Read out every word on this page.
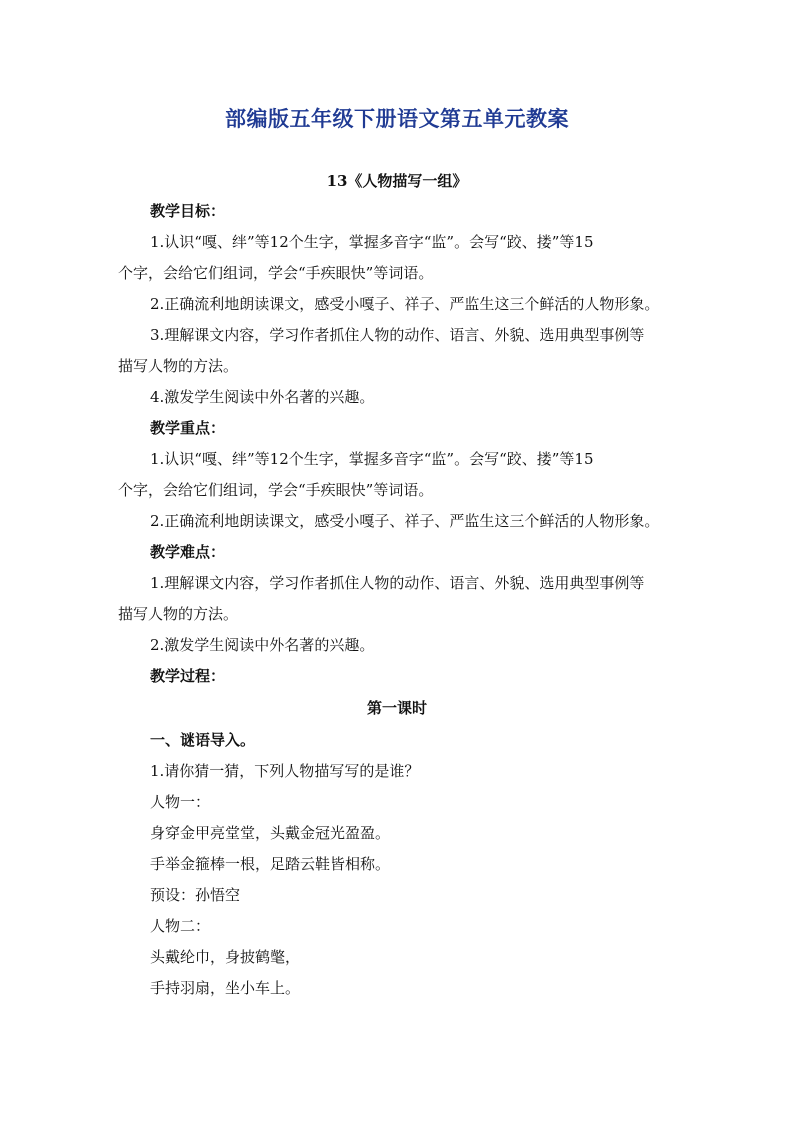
部编版五年级下册语文第五单元教案
13《人物描写一组》
教学目标：
1.认识“嘎、绊”等12个生字，掌握多音字“监”。会写“跤、搂”等15
个字，会给它们组词，学会“手疾眼快”等词语。
2.正确流利地朗读课文，感受小嘎子、祥子、严监生这三个鲜活的人物形象。
3.理解课文内容，学习作者抓住人物的动作、语言、外貌、选用典型事例等
描写人物的方法。
4.激发学生阅读中外名著的兴趣。
教学重点：
1.认识“嘎、绊”等12个生字，掌握多音字“监”。会写“跤、搂”等15
个字，会给它们组词，学会“手疾眼快”等词语。
2.正确流利地朗读课文，感受小嘎子、祥子、严监生这三个鲜活的人物形象。
教学难点：
1.理解课文内容，学习作者抓住人物的动作、语言、外貌、选用典型事例等
描写人物的方法。
2.激发学生阅读中外名著的兴趣。
教学过程：
第一课时
一、谜语导入。
1.请你猜一猜，下列人物描写写的是谁？
人物一：
身穿金甲亮堂堂，头戴金冠光盈盈。
手举金箍棒一根，足踏云鞋皆相称。
预设：孙悟空
人物二：
头戴纶巾，身披鹤氅，
手持羽扇，坐小车上。
